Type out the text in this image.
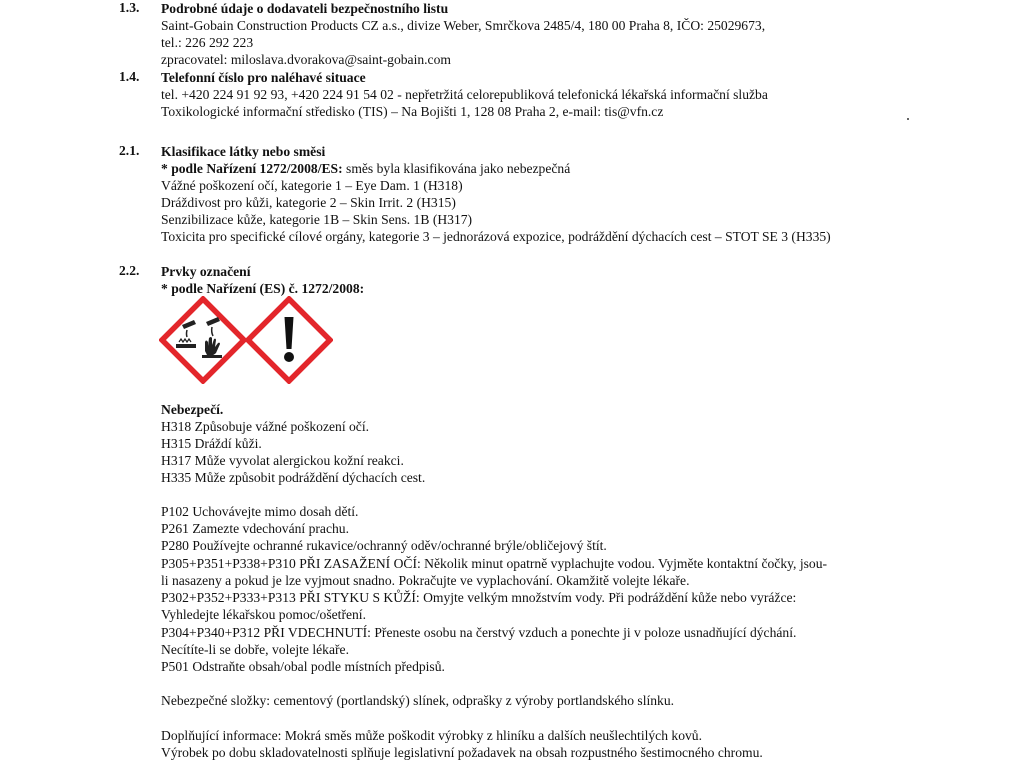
1.3. Podrobné údaje o dodavateli bezpečnostního listu
Saint-Gobain Construction Products CZ a.s., divize Weber, Smrčkova 2485/4, 180 00 Praha 8, IČO: 25029673,
tel.: 226 292 223
zpracovatel: miloslava.dvorakova@saint-gobain.com
1.4. Telefonní číslo pro naléhavé situace
tel. +420 224 91 92 93, +420 224 91 54 02 - nepřetržitá celorepubliková telefonická lékařská informační služba
Toxikologické informační středisko (TIS) – Na Bojišti 1, 128 08 Praha 2, e-mail: tis@vfn.cz
2.1. Klasifikace látky nebo směsi
* podle Nařízení 1272/2008/ES: směs byla klasifikována jako nebezpečná
Vážné poškození očí, kategorie 1 – Eye Dam. 1 (H318)
Dráždivost pro kůži, kategorie 2 – Skin Irrit. 2 (H315)
Senzibilizace kůže, kategorie 1B – Skin Sens. 1B (H317)
Toxicita pro specifické cílové orgány, kategorie 3 – jednorázová expozice, podráždění dýchacích cest – STOT SE 3 (H335)
2.2. Prvky označení
* podle Nařízení (ES) č. 1272/2008:
Nebezpečí.
H318 Způsobuje vážné poškození očí.
H315 Dráždí kůži.
H317 Může vyvolat alergickou kožní reakci.
H335 Může způsobit podráždění dýchacích cest.
P102 Uchovávejte mimo dosah dětí.
P261 Zamezte vdechování prachu.
P280 Používejte ochranné rukavice/ochranný oděv/ochranné brýle/obličejový štít.
P305+P351+P338+P310 PŘI ZASAŽENÍ OČÍ: Několik minut opatrně vyplachujte vodou. Vyjměte kontaktní čočky, jsou-
li nasazeny a pokud je lze vyjmout snadno. Pokračujte ve vyplachování. Okamžitě volejte lékaře.
P302+P352+P333+P313 PŘI STYKU S KŮŽÍ: Omyjte velkým množstvím vody. Při podráždění kůže nebo vyrážce:
Vyhledejte lékařskou pomoc/ošetření.
P304+P340+P312 PŘI VDECHNUTÍ: Přeneste osobu na čerstvý vzduch a ponechte ji v poloze usnadňující dýchání.
Necítíte-li se dobře, volejte lékaře.
P501 Odstraňte obsah/obal podle místních předpisů.
Nebezpečné složky: cementový (portlandský) slínek, odprašky z výroby portlandského slínku.
Doplňující informace: Mokrá směs může poškodit výrobky z hliníku a dalších neušlechtilých kovů.
Výrobek po dobu skladovatelnosti splňuje legislativní požadavek na obsah rozpustného šestimocného chromu.
